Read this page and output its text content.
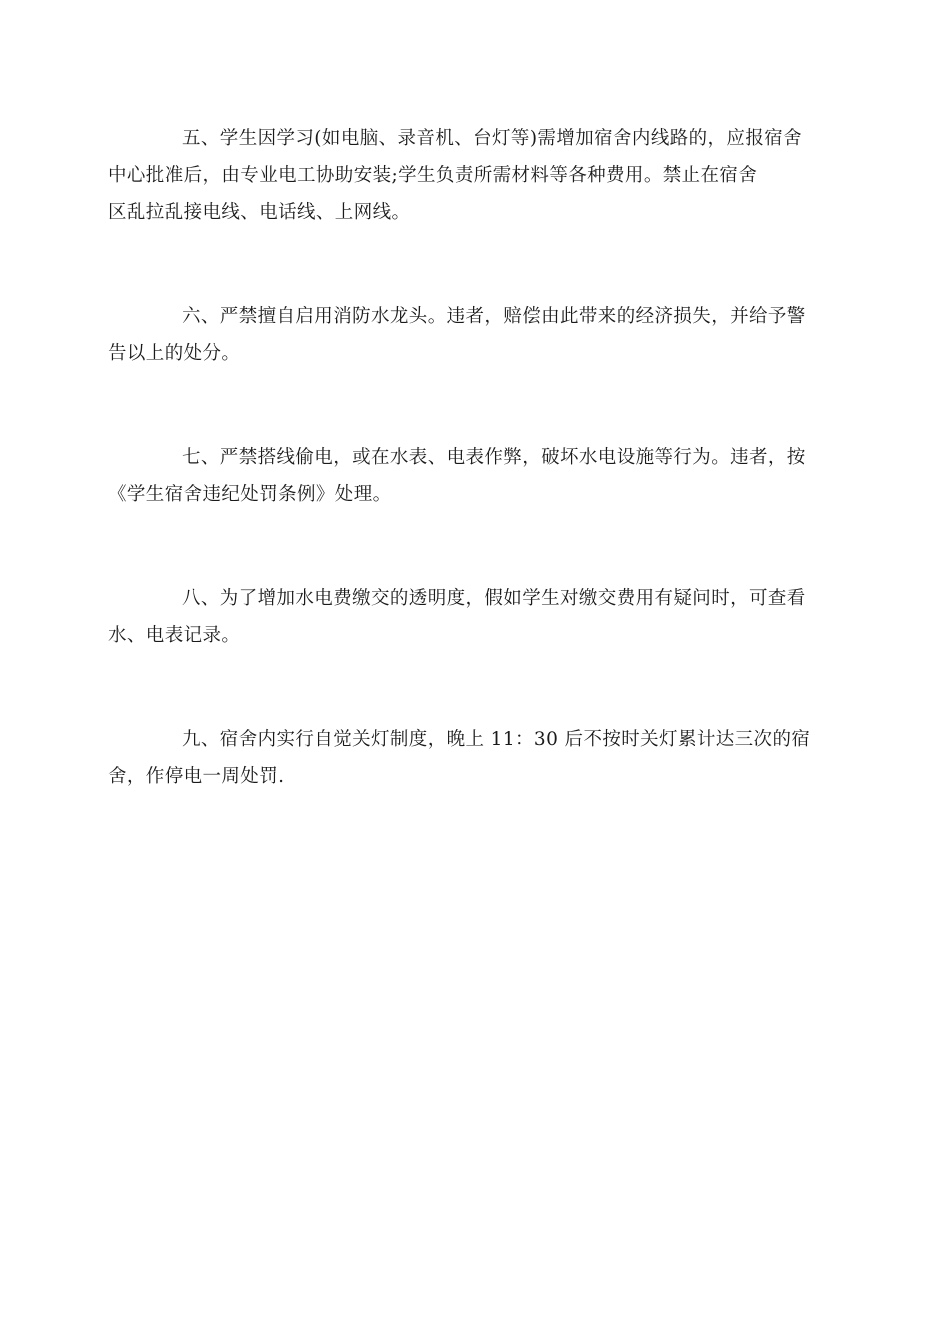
五、学生因学习(如电脑、录音机、台灯等)需增加宿舍内线路的，应报宿舍
中心批准后，由专业电工协助安装;学生负责所需材料等各种费用。禁止在宿舍
区乱拉乱接电线、电话线、上网线。

六、严禁擅自启用消防水龙头。违者，赔偿由此带来的经济损失，并给予警
告以上的处分。

七、严禁搭线偷电，或在水表、电表作弊，破坏水电设施等行为。违者，按
《学生宿舍违纪处罚条例》处理。

八、为了增加水电费缴交的透明度，假如学生对缴交费用有疑问时，可查看
水、电表记录。

九、宿舍内实行自觉关灯制度，晚上 11：30 后不按时关灯累计达三次的宿
舍，作停电一周处罚.
